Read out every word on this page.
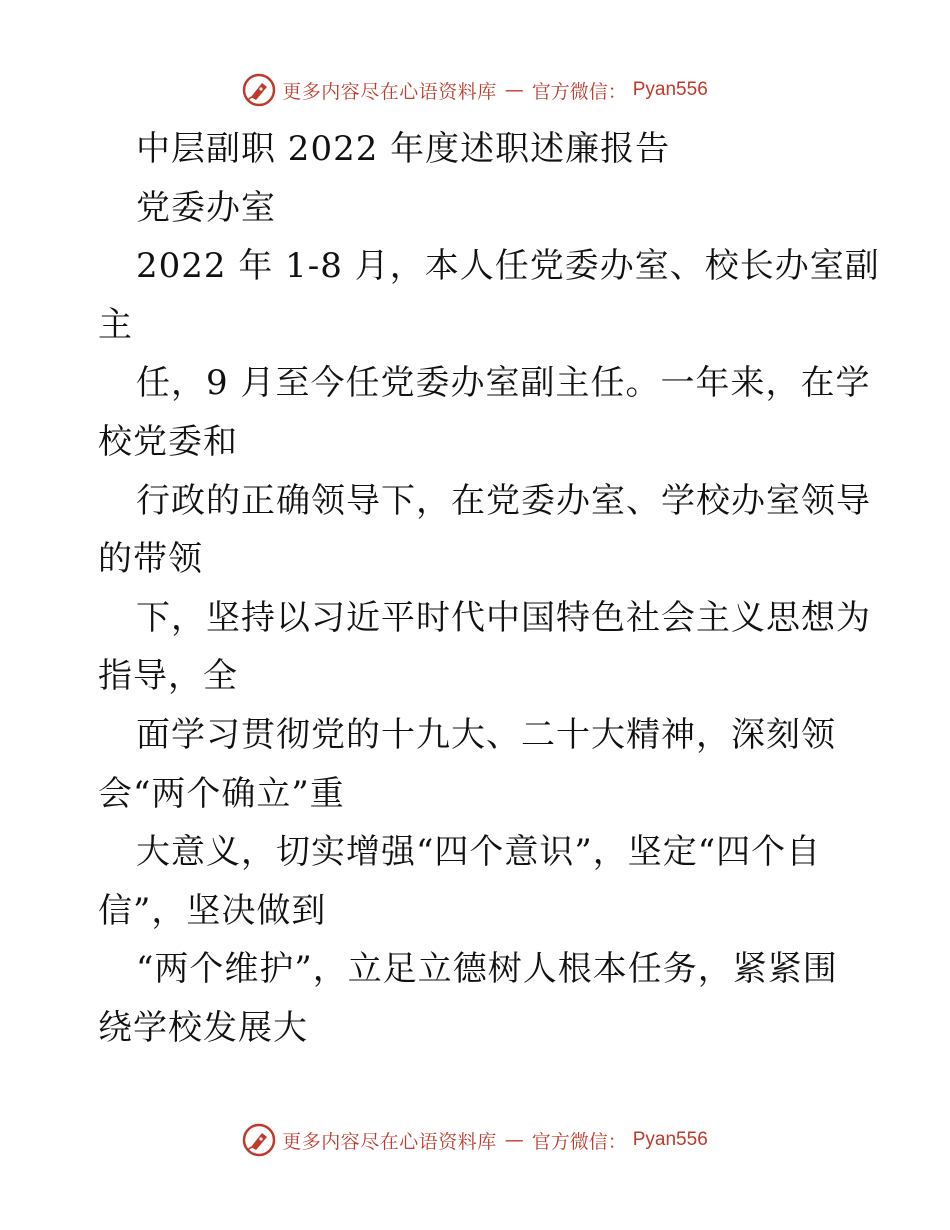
更多内容尽在心语资料库 — 官方微信： Pyan556
中层副职 2022 年度述职述廉报告
党委办室
2022 年 1-8 月，本人任党委办室、校长办室副
主
任，9 月至今任党委办室副主任。一年来，在学
校党委和
行政的正确领导下，在党委办室、学校办室领导
的带领
下，坚持以习近平时代中国特色社会主义思想为
指导，全
面学习贯彻党的十九大、二十大精神，深刻领
会“两个确立”重
大意义，切实增强“四个意识”，坚定“四个自
信”，坚决做到
“两个维护”，立足立德树人根本任务，紧紧围
绕学校发展大
更多内容尽在心语资料库 — 官方微信： Pyan556
